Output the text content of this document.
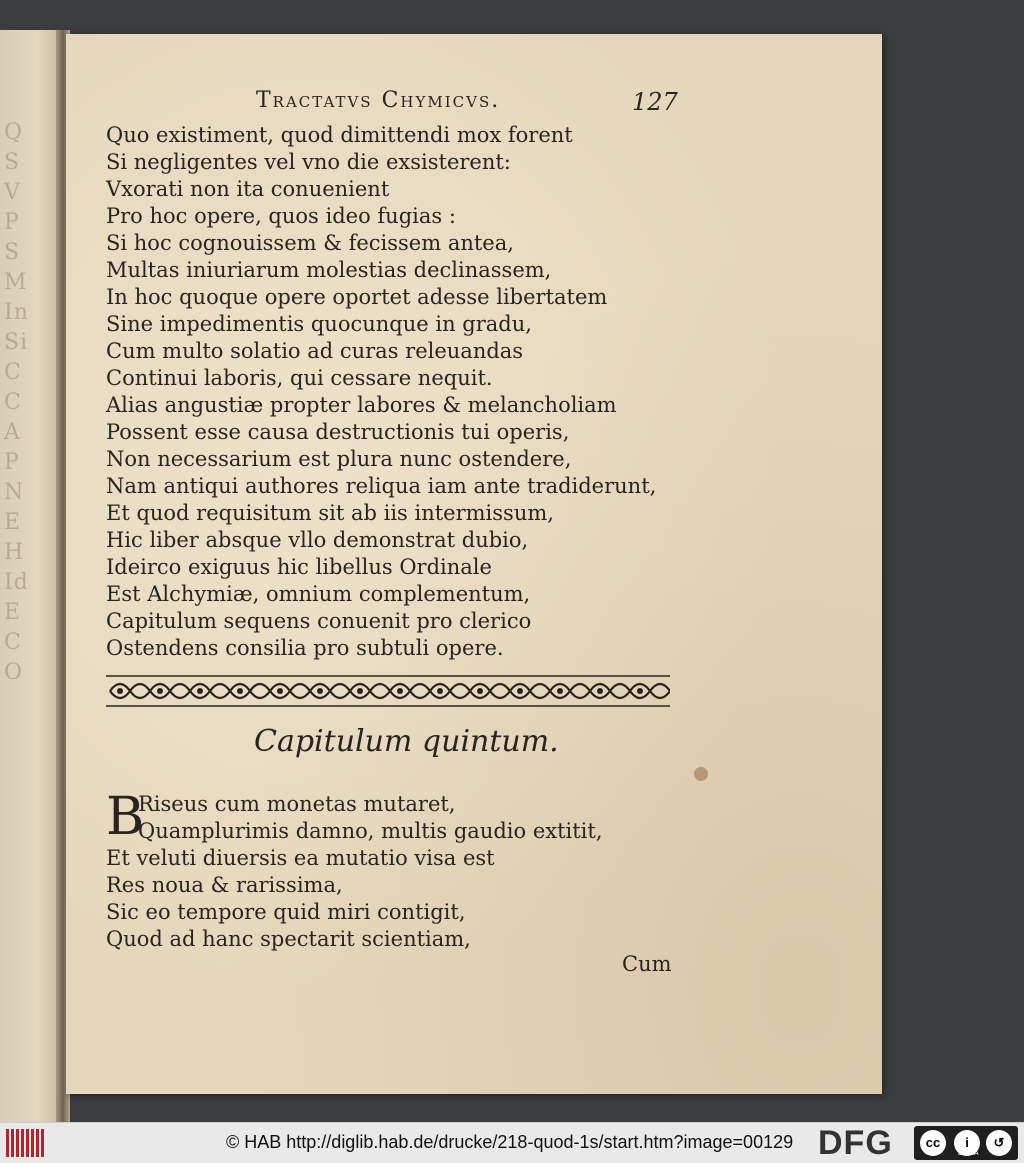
Q
S
V
P
S
M
In
Si
C
C
A
P
N
E
H
Id
E
C
O
Tractatvs Chymicvs.	127
Quo existiment, quod dimittendi mox forent
Si negligentes vel vno die exsisterent:
Vxorati non ita conuenient
Pro hoc opere, quos ideo fugias :
Si hoc cognouissem & fecissem antea,
Multas iniuriarum molestias declinassem,
In hoc quoque opere oportet adesse libertatem
Sine impedimentis quocunque in gradu,
Cum multo solatio ad curas releuandas
Continui laboris, qui cessare nequit.
Alias angustiæ propter labores & melancholiam
Possent esse causa destructionis tui operis,
Non necessarium est plura nunc ostendere,
Nam antiqui authores reliqua iam ante tradiderunt,
Et quod requisitum sit ab iis intermissum,
Hic liber absque vllo demonstrat dubio,
Ideirco exiguus hic libellus Ordinale
Est Alchymiæ, omnium complementum,
Capitulum sequens conuenit pro clerico
Ostendens consilia pro subtuli opere.
Capitulum quintum.
B
Riseus cum monetas mutaret,
Quamplurimis damno, multis gaudio extitit,
Et veluti diuersis ea mutatio visa est
Res noua & rarissima,
Sic eo tempore quid miri contigit,
Quod ad hanc spectarit scientiam,
Cum
© HAB http://diglib.hab.de/drucke/218-quod-1s/start.htm?image=00129 DFG	cc	i	↺
BY SA
